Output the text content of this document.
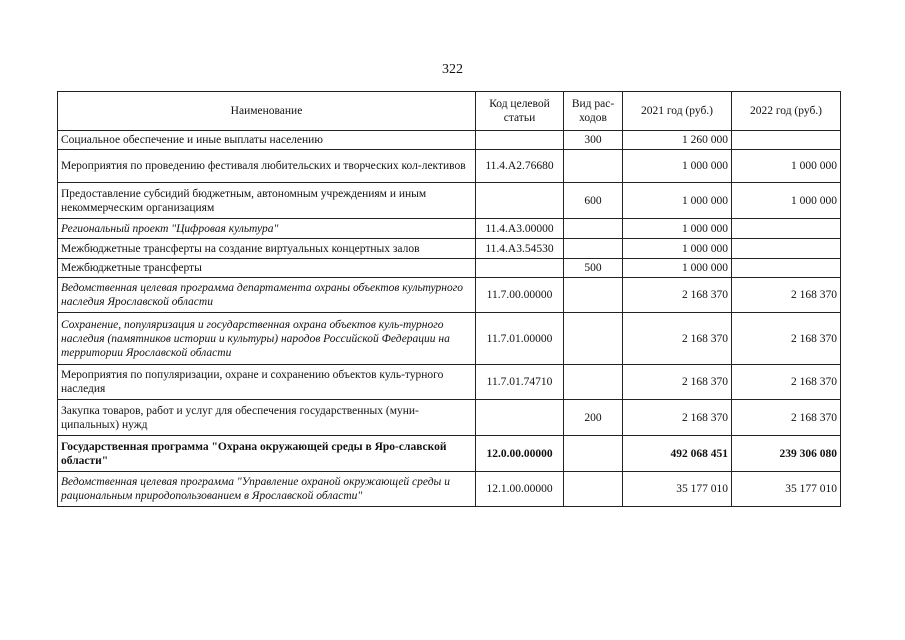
322
Наименование	Код целевой статьи	Вид рас-ходов	2021 год (руб.)	2022 год (руб.)
Социальное обеспечение и иные выплаты населению		300	1 260 000	
Мероприятия по проведению фестиваля любительских и творческих кол-лективов	11.4.A2.76680		1 000 000	1 000 000
Предоставление субсидий бюджетным, автономным учреждениям и иным некоммерческим организациям		600	1 000 000	1 000 000
Региональный проект "Цифровая культура"	11.4.A3.00000		1 000 000	
Межбюджетные трансферты на создание виртуальных концертных залов	11.4.A3.54530		1 000 000	
Межбюджетные трансферты		500	1 000 000	
Ведомственная целевая программа департамента охраны объектов культурного наследия Ярославской области	11.7.00.00000		2 168 370	2 168 370
Сохранение, популяризация и государственная охрана объектов куль-турного наследия (памятников истории и культуры) народов Российской Федерации на территории Ярославской области	11.7.01.00000		2 168 370	2 168 370
Мероприятия по популяризации, охране и сохранению объектов куль-турного наследия	11.7.01.74710		2 168 370	2 168 370
Закупка товаров, работ и услуг для обеспечения государственных (муни-ципальных) нужд		200	2 168 370	2 168 370
Государственная программа "Охрана окружающей среды в Яро-славской области"	12.0.00.00000		492 068 451	239 306 080
Ведомственная целевая программа "Управление охраной окружающей среды и рациональным природопользованием в Ярославской области"	12.1.00.00000		35 177 010	35 177 010
